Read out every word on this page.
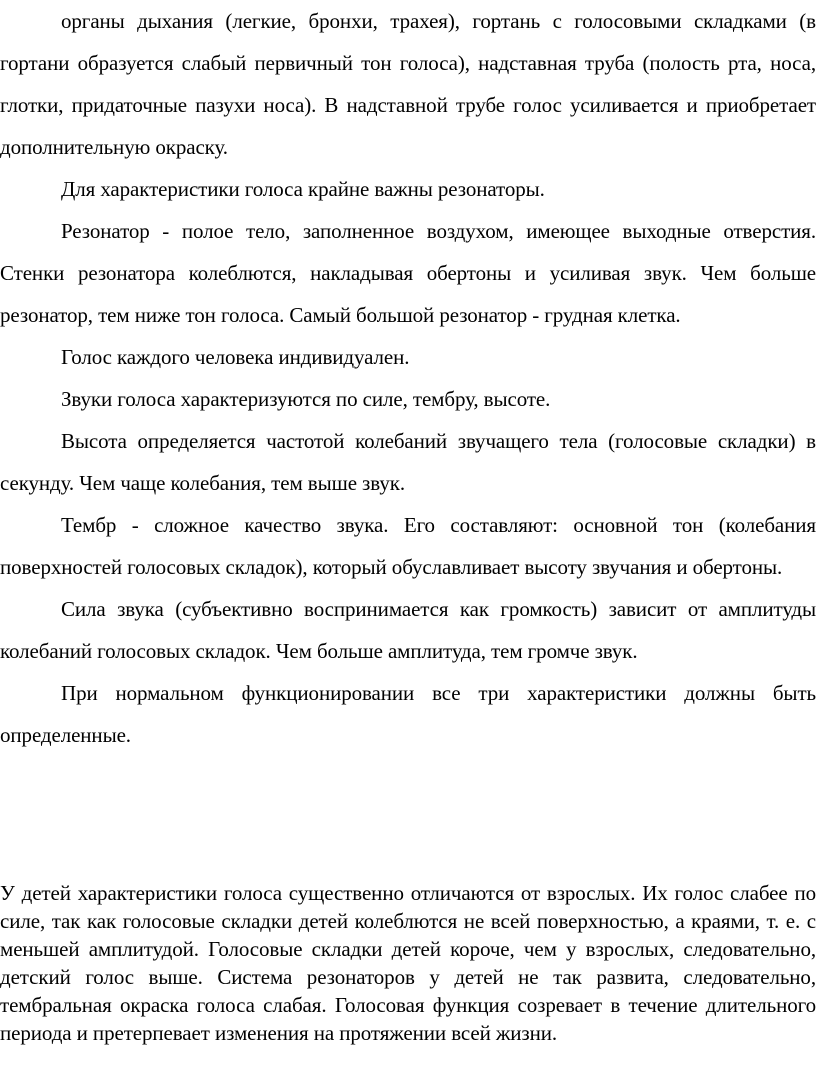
органы дыхания (легкие, бронхи, трахея), гортань с голосовыми складками (в гортани образуется слабый первичный тон голоса), надставная труба (полость рта, носа, глотки, придаточные пазухи носа). В надставной трубе голос усиливается и приобретает дополнительную окраску.

Для характеристики голоса крайне важны резонаторы.

Резонатор - полое тело, заполненное воздухом, имеющее выходные отверстия. Стенки резонатора колеблются, накладывая обертоны и усиливая звук. Чем больше резонатор, тем ниже тон голоса. Самый большой резонатор - грудная клетка.

Голос каждого человека индивидуален.

Звуки голоса характеризуются по силе, тембру, высоте.

Высота определяется частотой колебаний звучащего тела (голосовые складки) в секунду. Чем чаще колебания, тем выше звук.

Тембр - сложное качество звука. Его составляют: основной тон (колебания поверхностей голосовых складок), который обуславливает высоту звучания и обертоны.

Сила звука (субъективно воспринимается как громкость) зависит от амплитуды колебаний голосовых складок. Чем больше амплитуда, тем громче звук.

При нормальном функционировании все три характеристики должны быть определенные.

У детей характеристики голоса существенно отличаются от взрослых. Их голос слабее по силе, так как голосовые складки детей колеблются не всей поверхностью, а краями, т. е. с меньшей амплитудой. Голосовые складки детей короче, чем у взрослых, следовательно, детский голос выше. Система резонаторов у детей не так развита, следовательно, тембральная окраска голоса слабая. Голосовая функция созревает в течение длительного периода и претерпевает изменения на протяжении всей жизни.
